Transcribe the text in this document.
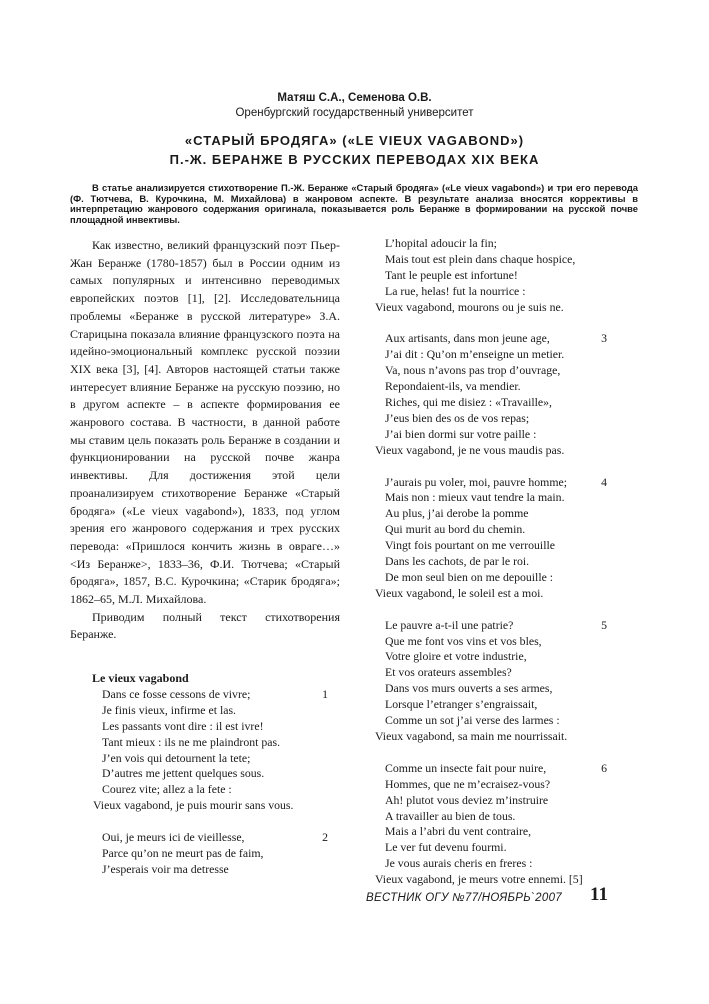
Матяш С.А., Семенова О.В.
Оренбургский государственный университет
«СТАРЫЙ БРОДЯГА» («LE VIEUX VAGABOND»)
П.-Ж. БЕРАНЖЕ В РУССКИХ ПЕРЕВОДАХ XIX ВЕКА
В статье анализируется стихотворение П.-Ж. Беранже «Старый бродяга» («Le vieux vagabond») и три его перевода (Ф. Тютчева, В. Курочкина, М. Михайлова) в жанровом аспекте. В результате анализа вносятся коррективы в интерпретацию жанрового содержания оригинала, показывается роль Беранже в формировании на русской почве площадной инвективы.

Как известно, великий французский поэт Пьер-Жан Беранже (1780-1857) был в России одним из самых популярных и интенсивно переводимых европейских поэтов [1], [2]. Исследовательница проблемы «Беранже в русской литературе» З.А. Старицына показала влияние французского поэта на идейно-эмоциональный комплекс русской поэзии XIX века [3], [4]. Авторов настоящей статьи также интересует влияние Беранже на русскую поэзию, но в другом аспекте – в аспекте формирования ее жанрового состава. В частности, в данной работе мы ставим цель показать роль Беранже в создании и функционировании на русской почве жанра инвективы. Для достижения этой цели проанализируем стихотворение Беранже «Старый бродяга» («Le vieux vagabond»), 1833, под углом зрения его жанрового содержания и трех русских перевода: «Пришлося кончить жизнь в овраге…» <Из Беранже>, 1833–36, Ф.И. Тютчева; «Старый бродяга», 1857, В.С. Курочкина; «Старик бродяга»; 1862–65, М.Л. Михайлова.

Приводим полный текст стихотворения Беранже.

Le vieux vagabond
Dans ce fosse cessons de vivre;	1
Je finis vieux, infirme et las.
Les passants vont dire : il est ivre!
Tant mieux : ils ne me plaindront pas.
J’en vois qui detournent la tete;
D’autres me jettent quelques sous.
Courez vite; allez a la fete :
Vieux vagabond, je puis mourir sans vous.
Oui, je meurs ici de vieillesse,	2
Parce qu’on ne meurt pas de faim,
J’esperais voir ma detresse
L’hopital adoucir la fin;
Mais tout est plein dans chaque hospice,
Tant le peuple est infortune!
La rue, helas! fut la nourrice :
Vieux vagabond, mourons ou je suis ne.
Aux artisants, dans mon jeune age,	3
J’ai dit : Qu’on m’enseigne un metier.
Va, nous n’avons pas trop d’ouvrage,
Repondaient-ils, va mendier.
Riches, qui me disiez : «Travaille»,
J’eus bien des os de vos repas;
J’ai bien dormi sur votre paille :
Vieux vagabond, je ne vous maudis pas.
J’aurais pu voler, moi, pauvre homme;	4
Mais non : mieux vaut tendre la main.
Au plus, j’ai derobe la pomme
Qui murit au bord du chemin.
Vingt fois pourtant on me verrouille
Dans les cachots, de par le roi.
De mon seul bien on me depouille :
Vieux vagabond, le soleil est a moi.
Le pauvre a-t-il une patrie?	5
Que me font vos vins et vos bles,
Votre gloire et votre industrie,
Et vos orateurs assembles?
Dans vos murs ouverts a ses armes,
Lorsque l’etranger s’engraissait,
Comme un sot j’ai verse des larmes :
Vieux vagabond, sa main me nourrissait.
Comme un insecte fait pour nuire,	6
Hommes, que ne m’ecraisez-vous?
Ah! plutot vous deviez m’instruire
A travailler au bien de tous.
Mais a l’abri du vent contraire,
Le ver fut devenu fourmi.
Je vous aurais cheris en freres :
Vieux vagabond, je meurs votre ennemi. [5]
ВЕСТНИК ОГУ №77/НОЯБРЬ`2007 11
